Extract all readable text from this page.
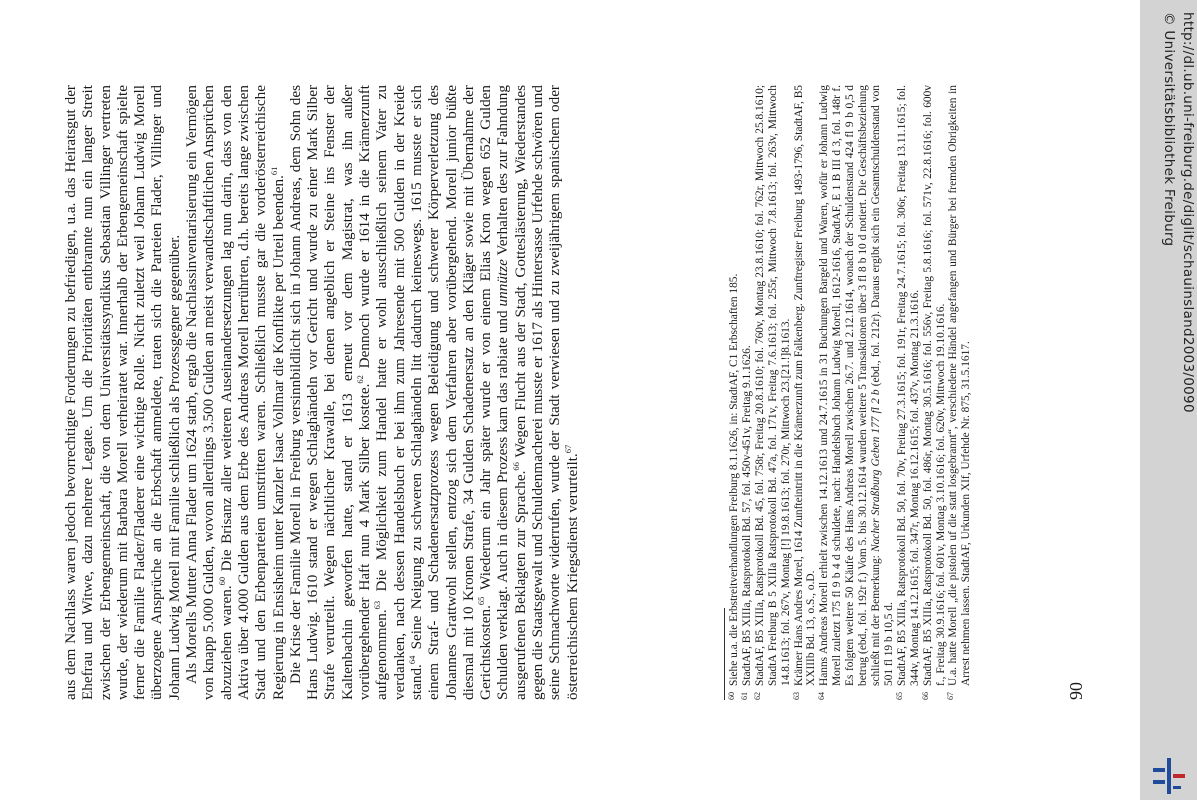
aus dem Nachlass waren jedoch bevorrechtigte Forderungen zu befriedigen, u.a. das Heiratsgut der Ehefrau und Witwe, dazu mehrere Legate. Um die Prioritäten entbrannte nun ein langer Streit zwischen der Erbengemeinschaft, die von dem Universitätssyndikus Sebastian Villinger vertreten wurde, der wiederum mit Barbara Morell verheiratet war. Innerhalb der Erbengemeinschaft spielte ferner die Familie Flader/Fladerer eine wichtige Rolle. Nicht zuletzt weil Johann Ludwig Morell überzogene Ansprüche an die Erbschaft anmeldete, traten sich die Parteien Flader, Villinger und Johann Ludwig Morell mit Familie schließlich als Prozessgegner gegenüber. Als Morells Mutter Anna Flader um 1624 starb, ergab die Nachlassinventarisierung ein Vermögen von knapp 5.000 Gulden, wovon allerdings 3.500 Gulden an meist verwandtschaftlichen Ansprüchen abzuziehen waren.$^{60}$ Die Brisanz aller weiteren Auseinandersetzungen lag nun darin, dass von den Aktiva über 4.000 Gulden aus dem Erbe des Andreas Morell herrührten, d.h. bereits lange zwischen Stadt und den Erbenparteien umstritten waren. Schließlich musste gar die vorderösterreichische Regierung in Ensisheim unter Kanzler Isaac Vollmar die Konflikte per Urteil beenden.$^{61}$ Die Krise der Familie Morell in Freiburg versinnbildlicht sich in Johann Andreas, dem Sohn des Hans Ludwig. 1610 stand er wegen Schlaghändeln vor Gericht und wurde zu einer Mark Silber Strafe verurteilt. Wegen nächtlicher Krawalle, bei denen angeblich er Steine ins Fenster der Kaltenbachin geworfen hatte, stand er 1613 erneut vor dem Magistrat, was ihn außer vorübergehender Haft nun 4 Mark Silber kostete.$^{62}$ Dennoch wurde er 1614 in die Krämerzunft aufgenommen.$^{63}$ Die Möglichkeit zum Handel hatte er wohl ausschließlich seinem Vater zu verdanken, nach dessen Handelsbuch er bei ihm zum Jahresende mit 500 Gulden in der Kreide stand.$^{64}$ Seine Neigung zu schweren Schlaghändeln litt dadurch keineswegs. 1615 musste er sich einem Straf- und Schadenersatzprozess wegen Beleidigung und schwerer Körperverletzung des Johannes Grattwohl stellen, entzog sich dem Verfahren aber vorübergehend. Morell junior büßte diesmal mit 10 Kronen Strafe, 34 Gulden Schadenersatz an den Kläger sowie mit Übernahme der Gerichtskosten.$^{65}$ Wiederum ein Jahr später wurde er von einem Elias Kron wegen 652 Gulden Schulden verklagt. Auch in diesem Prozess kam das rabiate und unnütze Verhalten des zur Fahndung ausgerufenen Beklagten zur Sprache.$^{66}$ Wegen Flucht aus der Stadt, Gotteslästerung, Wiederstandes gegen die Staatsgewalt und Schuldenmacherei musste er 1617 als Hintersasse Urfehde schwören und seine Schmachworte widerrufen, wurde der Stadt verwiesen und zu zweijährigem spanischem oder österreichischem Kriegsdienst verurteilt.$^{67}$

60
Siehe u.a. die Erbstreitverhandlungen Freiburg 8.1.1626, in: StadtAF, C1 Erbschaften 185.

61
StadtAF, B5 XIIIa, Ratsprotokoll Bd. 57, fol. 450v-451v, Freitag 9.1.1626.

62
StadtAF, B5 XIIIa, Ratsprotokoll Bd. 45, fol. 758r, Freitag 20.8.1610; fol. 760v, Montag 23.8.1610; fol. 762r, Mittwoch 25.8.1610; StadtA Freiburg B 5 XIIIa Ratsprotokoll Bd. 47a, fol. 171v, Freitag 7.6.1613; fol. 255r, Mittwoch 7.8.1613; fol. 263v, Mittwoch 14.8.1613; fol. 267v, Montag [!] 19.8.1613; fol. 270r, Mittwoch 23.[21.!]8.1613.

63
Krämer Hans Andres Morel, 1614 Zunfteintritt in die Krämerzunft zum Falkenberg. Zunftregister Freiburg 1493-1796, StadtAF, B5 XXIIIb Bd. 13, o.S., o.D.

64
Hanns Andreas Morell erhielt zwischen 14.12.1613 und 24.7.1615 in 31 Buchungen Bargeld und Waren, wofür er Johann Ludwig Morell zuletzt 175 fl 9 b 4 d schuldete, nach: Handelsbuch Johann Ludwig Morell, 1612-1616, StadtAF, E 1 B III d 3, fol. 148r f. Es folgten weitere 50 Käufe des Hans Andreas Morell zwischen 26.7. und 2.12.1614, wonach der Schuldenstand 424 fl 9 b 0,5 d betrug (ebd., fol. 192r f.) Vom 5. bis 30.12.1614 wurden weitere 5 Transaktionen über 3 fl 8 b 10 d notiert. Die Geschäftsbeziehung schließt mit der Bemerkung: Nacher Straßburg Geben 177 fl 2 b (ebd., fol. 212r). Daraus ergibt sich ein Gesamtschuldenstand von 501 fl 19 b 10,5 d.

65
StadtAF, B5 XIIIa, Ratsprotokoll Bd. 50, fol. 70v, Freitag 27.3.1615; fol. 191r, Freitag 24.7.1615; fol. 306r, Freitag 13.11.1615; fol. 344v, Montag 14.12.1615; fol. 347r, Montag 16.12.1615; fol. 437v, Montag 21.3.1616.

66
StadtAF, B5 XIIIa, Ratsprotokoll Bd. 50, fol. 486r, Montag 30.5.1616; fol. 556v, Freitag 5.8.1616; fol. 571v, 22.8.1616; fol. 600v f., Freitag 30.9.1616; fol. 601v, Montag 3.10.1616; fol. 620v, Mittwoch 19.10.1616.

67
U.a. hatte Morell „die pistolen uf die statt losgebrannt“, verschiedene Händel angefangen und Bürger bei fremden Obrigkeiten in Arrest nehmen lassen. StadtAF, Urkunden XIf, Urfehde Nr. 875, 31.5.1617.

90
http://dl.ub.uni-freiburg.de/diglit/schauinsland2003/0090
© Universitätsbibliothek Freiburg
